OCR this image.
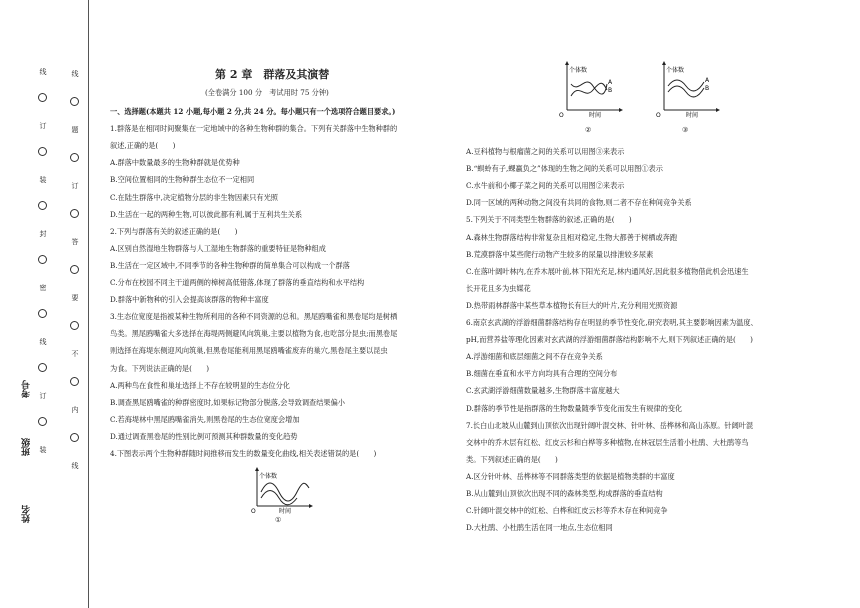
线
题
订
答
要
不
内
线
线
订
装
封
密
线
订
装
考号
班级
姓名
第 2 章　群落及其演替
(全卷满分 100 分　考试用时 75 分钟)
一、选择题(本题共 12 小题,每小题 2 分,共 24 分。每小题只有一个选项符合题目要求。)
1.群落是在相同时间聚集在一定地域中的各种生物种群的集合。下列有关群落中生物种群的
叙述,正确的是(　　)
A.群落中数量最多的生物种群就是优势种
B.空间位置相同的生物种群生态位不一定相同
C.在陆生群落中,决定植物分层的非生物因素只有光照
D.生活在一起的两种生物,可以彼此都有利,属于互利共生关系
2.下列与群落有关的叙述正确的是(　　)
A.区别自然湿地生物群落与人工湿地生物群落的重要特征是物种组成
B.生活在一定区域中,不同季节的各种生物种群的简单集合可以构成一个群落
C.分布在校园不同主干道两侧的樟树高低错落,体现了群落的垂直结构和水平结构
D.群落中新物种的引入会提高该群落的物种丰富度
3.生态位宽度是指被某种生物所利用的各种不同资源的总和。黑尾鸥嘴雀和黑卷尾均是树栖
鸟类。黑尾鸥嘴雀大多选择在海堤两侧避风向筑巢,主要以植物为食,也吃部分昆虫;而黑卷尾
则选择在海堤东侧迎风向筑巢,但黑卷尾能利用黑尾鸥嘴雀废弃的巢穴,黑卷尾主要以昆虫
为食。下列说法正确的是(　　)
A.两种鸟在食性和巢址选择上不存在较明显的生态位分化
B.调查黑尾鸥嘴雀的种群密度时,如果标记物部分脱落,会导致调查结果偏小
C.若海堤林中黑尾鸥嘴雀消失,则黑卷尾的生态位宽度会增加
D.通过调查黑卷尾的性别比例可预测其种群数量的变化趋势
4.下图表示两个生物种群随时间推移而发生的数量变化曲线,相关表述错误的是(　　)
个体数
O	时间
①
A.豆科植物与根瘤菌之间的关系可以用图③来表示
B.“螟蛉有子,蜾蠃负之”体现的生物之间的关系可以用图①表示
C.水牛前和小椰子菜之间的关系可以用图②来表示
D.同一区域的两种动物之间没有共同的食物,则二者不存在种间竞争关系
5.下列关于不同类型生物群落的叙述,正确的是(　　)
A.森林生物群落结构非常复杂且相对稳定,生物大都善于树栖或奔跑
B.荒漠群落中某些爬行动物产生较多的尿量以排泄较多尿素
C.在落叶阔叶林内,在乔木展叶前,林下阳光充足,林内通风好,因此很多植物借此机会迅速生
长开花且多为虫媒花
D.热带雨林群落中某些草本植物长有巨大的叶片,充分利用光照资源
6.南京玄武湖的浮游细菌群落结构存在明显的季节性变化,研究表明,其主要影响因素为温度、
pH,而营养盐等理化因素对玄武湖的浮游细菌群落结构影响不大,则下列叙述正确的是(　　)
A.浮游细菌和底层细菌之间不存在竞争关系
B.细菌在垂直和水平方向均具有合理的空间分布
C.玄武湖浮游细菌数量越多,生物群落丰富度越大
D.群落的季节性是指群落的生物数量随季节变化而发生有规律的变化
7.长白山北坡从山麓到山顶依次出现针阔叶混交林、针叶林、岳桦林和高山冻原。针阔叶混
交林中的乔木层有红松、红皮云杉和白桦等多种植物,在林冠层生活着小杜鹃、大杜鹃等鸟
类。下列叙述正确的是(　　)
A.区分针叶林、岳桦林等不同群落类型的依据是植物类群的丰富度
B.从山麓到山顶依次出现不同的森林类型,构成群落的垂直结构
C.针阔叶混交林中的红松、白桦和红皮云杉等乔木存在种间竞争
D.大杜鹃、小杜鹃生活在同一地点,生态位相同
A
B
个体数
O	时间
②
A
B
个体数
O	时间
③
